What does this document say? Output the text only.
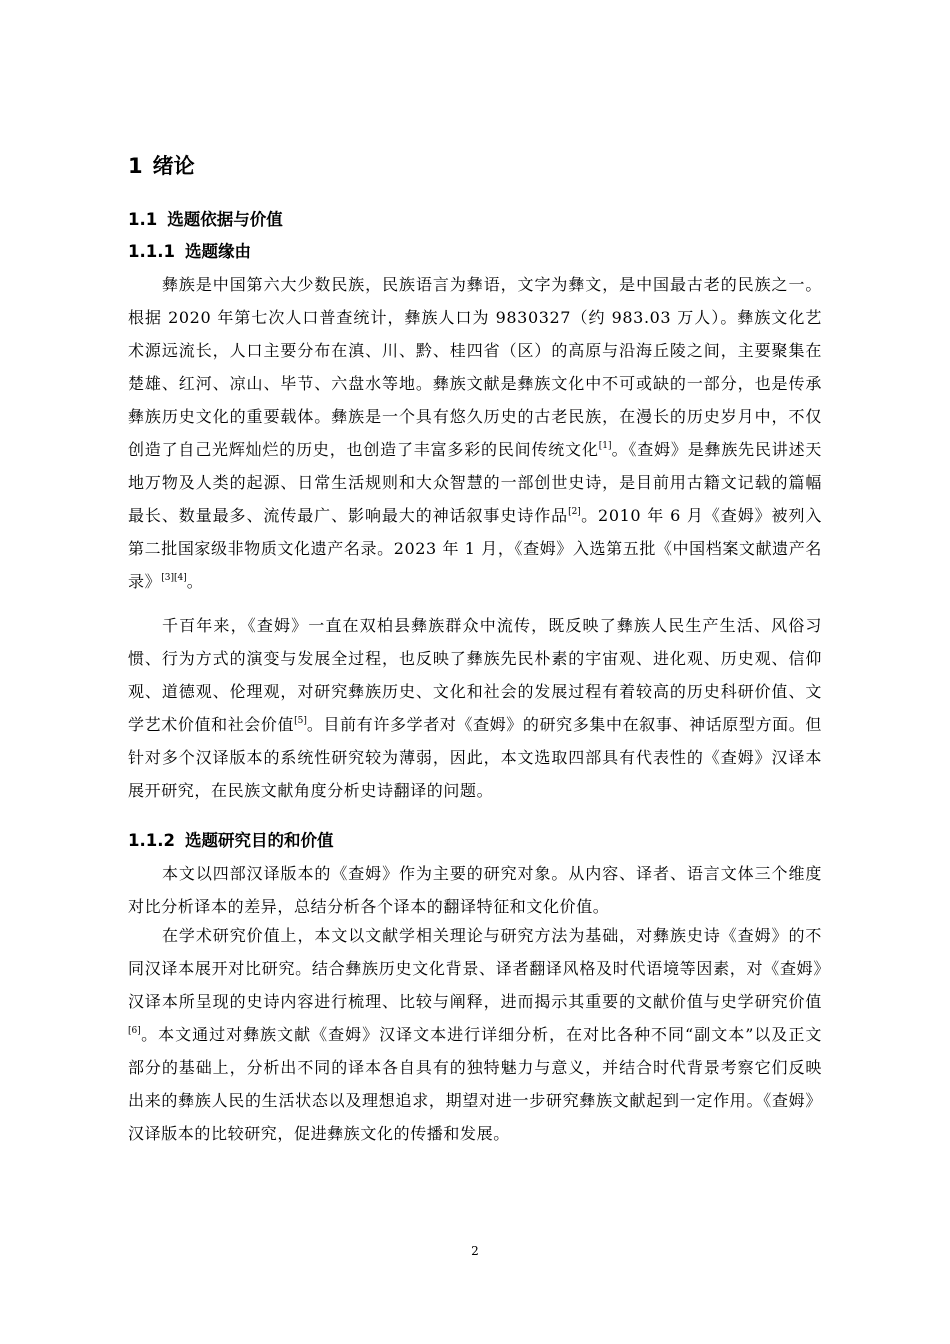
1 绪论
1.1 选题依据与价值
1.1.1 选题缘由

彝族是中国第六大少数民族，民族语言为彝语，文字为彝文，是中国最古老的民族之一。根据 2020 年第七次人口普查统计，彝族人口为 9830327（约 983.03 万人）。彝族文化艺术源远流长，人口主要分布在滇、川、黔、桂四省（区）的高原与沿海丘陵之间，主要聚集在楚雄、红河、凉山、毕节、六盘水等地。彝族文献是彝族文化中不可或缺的一部分，也是传承彝族历史文化的重要载体。彝族是一个具有悠久历史的古老民族，在漫长的历史岁月中，不仅创造了自己光辉灿烂的历史，也创造了丰富多彩的民间传统文化[1]。《查姆》是彝族先民讲述天地万物及人类的起源、日常生活规则和大众智慧的一部创世史诗，是目前用古籍文记载的篇幅最长、数量最多、流传最广、影响最大的神话叙事史诗作品[2]。2010 年 6 月《查姆》被列入第二批国家级非物质文化遗产名录。2023 年 1 月，《查姆》入选第五批《中国档案文献遗产名录》[3][4]。

千百年来，《查姆》一直在双柏县彝族群众中流传，既反映了彝族人民生产生活、风俗习惯、行为方式的演变与发展全过程，也反映了彝族先民朴素的宇宙观、进化观、历史观、信仰观、道德观、伦理观，对研究彝族历史、文化和社会的发展过程有着较高的历史科研价值、文学艺术价值和社会价值[5]。目前有许多学者对《查姆》的研究多集中在叙事、神话原型方面。但针对多个汉译版本的系统性研究较为薄弱，因此，本文选取四部具有代表性的《查姆》汉译本展开研究，在民族文献角度分析史诗翻译的问题。

1.1.2 选题研究目的和价值

本文以四部汉译版本的《查姆》作为主要的研究对象。从内容、译者、语言文体三个维度对比分析译本的差异，总结分析各个译本的翻译特征和文化价值。

在学术研究价值上，本文以文献学相关理论与研究方法为基础，对彝族史诗《查姆》的不同汉译本展开对比研究。结合彝族历史文化背景、译者翻译风格及时代语境等因素，对《查姆》汉译本所呈现的史诗内容进行梳理、比较与阐释，进而揭示其重要的文献价值与史学研究价值[6]。本文通过对彝族文献《查姆》汉译文本进行详细分析，在对比各种不同“副文本”以及正文部分的基础上，分析出不同的译本各自具有的独特魅力与意义，并结合时代背景考察它们反映出来的彝族人民的生活状态以及理想追求，期望对进一步研究彝族文献起到一定作用。《查姆》汉译版本的比较研究，促进彝族文化的传播和发展。

2
